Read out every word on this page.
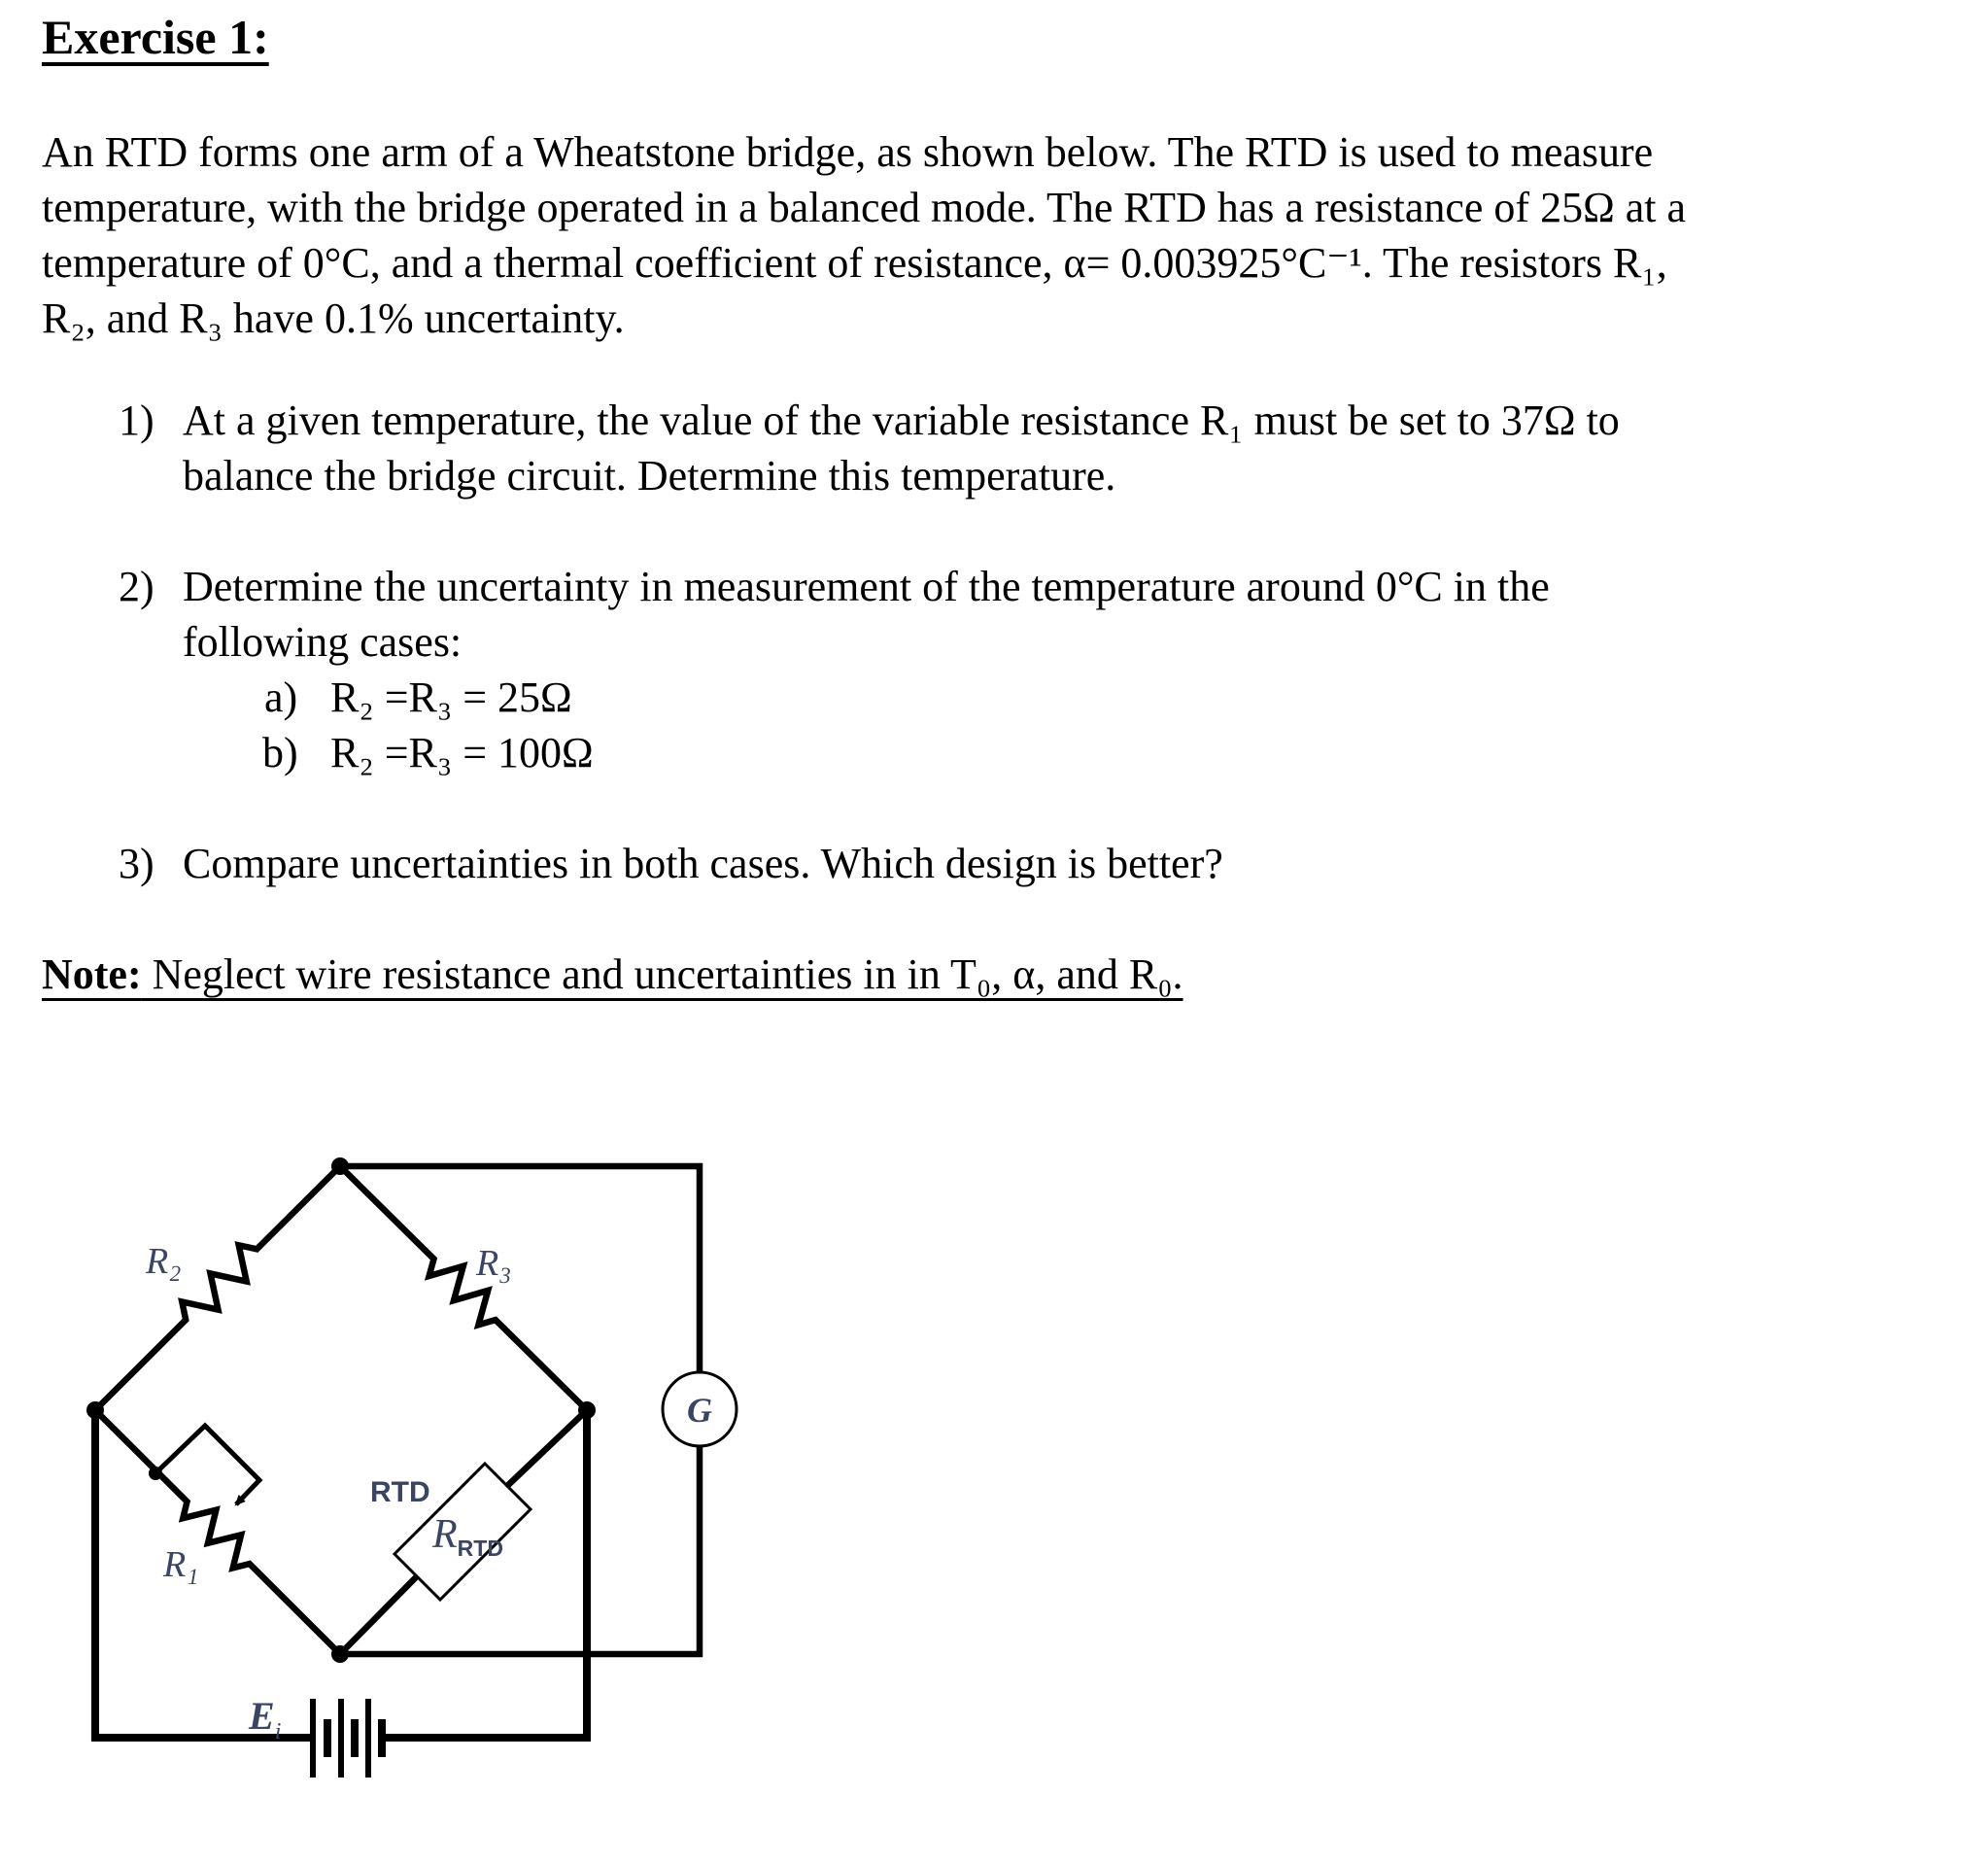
Exercise 1:
An RTD forms one arm of a Wheatstone bridge, as shown below. The RTD is used to measure
temperature, with the bridge operated in a balanced mode. The RTD has a resistance of 25Ω at a
temperature of 0°C, and a thermal coefficient of resistance, α= 0.003925°C⁻¹. The resistors R₁,
R₂, and R₃ have 0.1% uncertainty.
1) At a given temperature, the value of the variable resistance R₁ must be set to 37Ω to
balance the bridge circuit. Determine this temperature.
2) Determine the uncertainty in measurement of the temperature around 0°C in the
following cases:
a) R₂ =R₃ = 25Ω
b) R₂ =R₃ = 100Ω
3) Compare uncertainties in both cases. Which design is better?
Note: Neglect wire resistance and uncertainties in in T₀, α, and R₀.
R₂	R₃
R₁
RTD
RRTD
G
Ei
